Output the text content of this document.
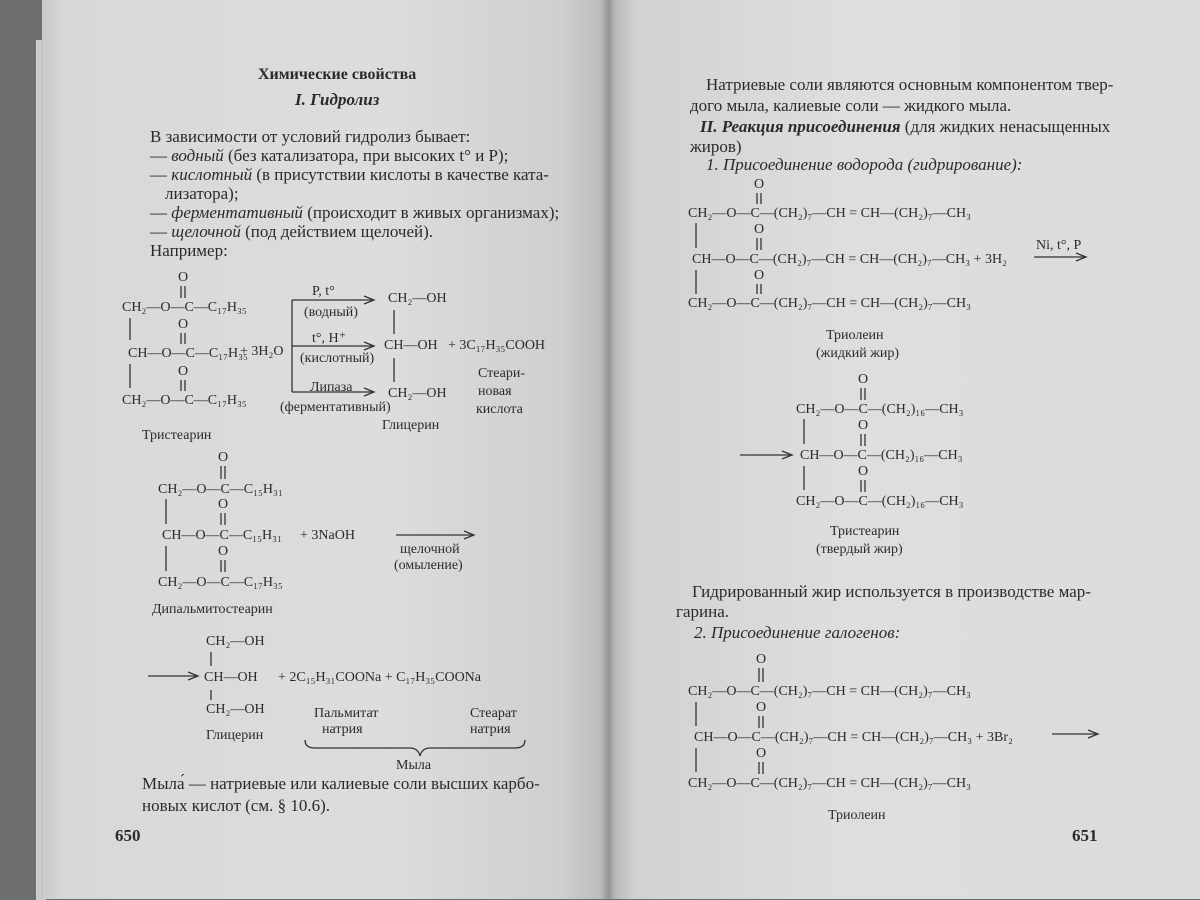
Химические свойства
I. Гидролиз
В зависимости от условий гидролиз бывает:
— водный (без катализатора, при высоких t° и Р);
— кислотный (в присутствии кислоты в качестве ката-
лизатора);
— ферментативный (происходит в живых организмах);
— щелочной (под действием щелочей).
Например:
O
O
O
CH₂—O—C—C₁₇H₃₅
CH—O—C—C₁₇H₃₅
CH₂—O—C—C₁₇H₃₅
+ 3H₂O
P, t°
(водный)
t°, H⁺
(кислотный)
Липаза
(ферментативный)
CH₂—OH
CH—OH
CH₂—OH
+ 3C₁₇H₃₅COOH
Стеари-
новая
кислота
Тристеарин
Глицерин
O
O
O
CH₂—O—C—C₁₅H₃₁
CH—O—C—C₁₅H₃₁
CH₂—O—C—C₁₇H₃₅
+ 3NaOH
щелочной
(омыление)
Дипальмитостеарин
CH₂—OH
CH—OH
CH₂—OH
+ 2C₁₅H₃₁COONa + C₁₇H₃₅COONa
Глицерин
Пальмитат
натрия
Стеарат
натрия
Мыла
Мыла́ — натриевые или калиевые соли высших карбо-
новых кислот (см. § 10.6).
650
Натриевые соли являются основным компонентом твер-
дого мыла, калиевые соли — жидкого мыла.
II. Реакция присоединения (для жидких ненасыщенных
жиров)
1. Присоединение водорода (гидрирование):
O
O
O
CH₂—O—C—(CH₂)₇—CH = CH—(CH₂)₇—CH₃
CH—O—C—(CH₂)₇—CH = CH—(CH₂)₇—CH₃ + 3H₂
CH₂—O—C—(CH₂)₇—CH = CH—(CH₂)₇—CH₃
Ni, t°, P
Триолеин
(жидкий жир)
O
O
O
CH₂—O—C—(CH₂)₁₆—CH₃
CH—O—C—(CH₂)₁₆—CH₃
CH₂—O—C—(CH₂)₁₆—CH₃
Тристеарин
(твердый жир)
Гидрированный жир используется в производстве мар-
гарина.
2. Присоединение галогенов:
O
O
O
CH₂—O—C—(CH₂)₇—CH = CH—(CH₂)₇—CH₃
CH—O—C—(CH₂)₇—CH = CH—(CH₂)₇—CH₃ + 3Br₂
CH₂—O—C—(CH₂)₇—CH = CH—(CH₂)₇—CH₃
Триолеин
651
